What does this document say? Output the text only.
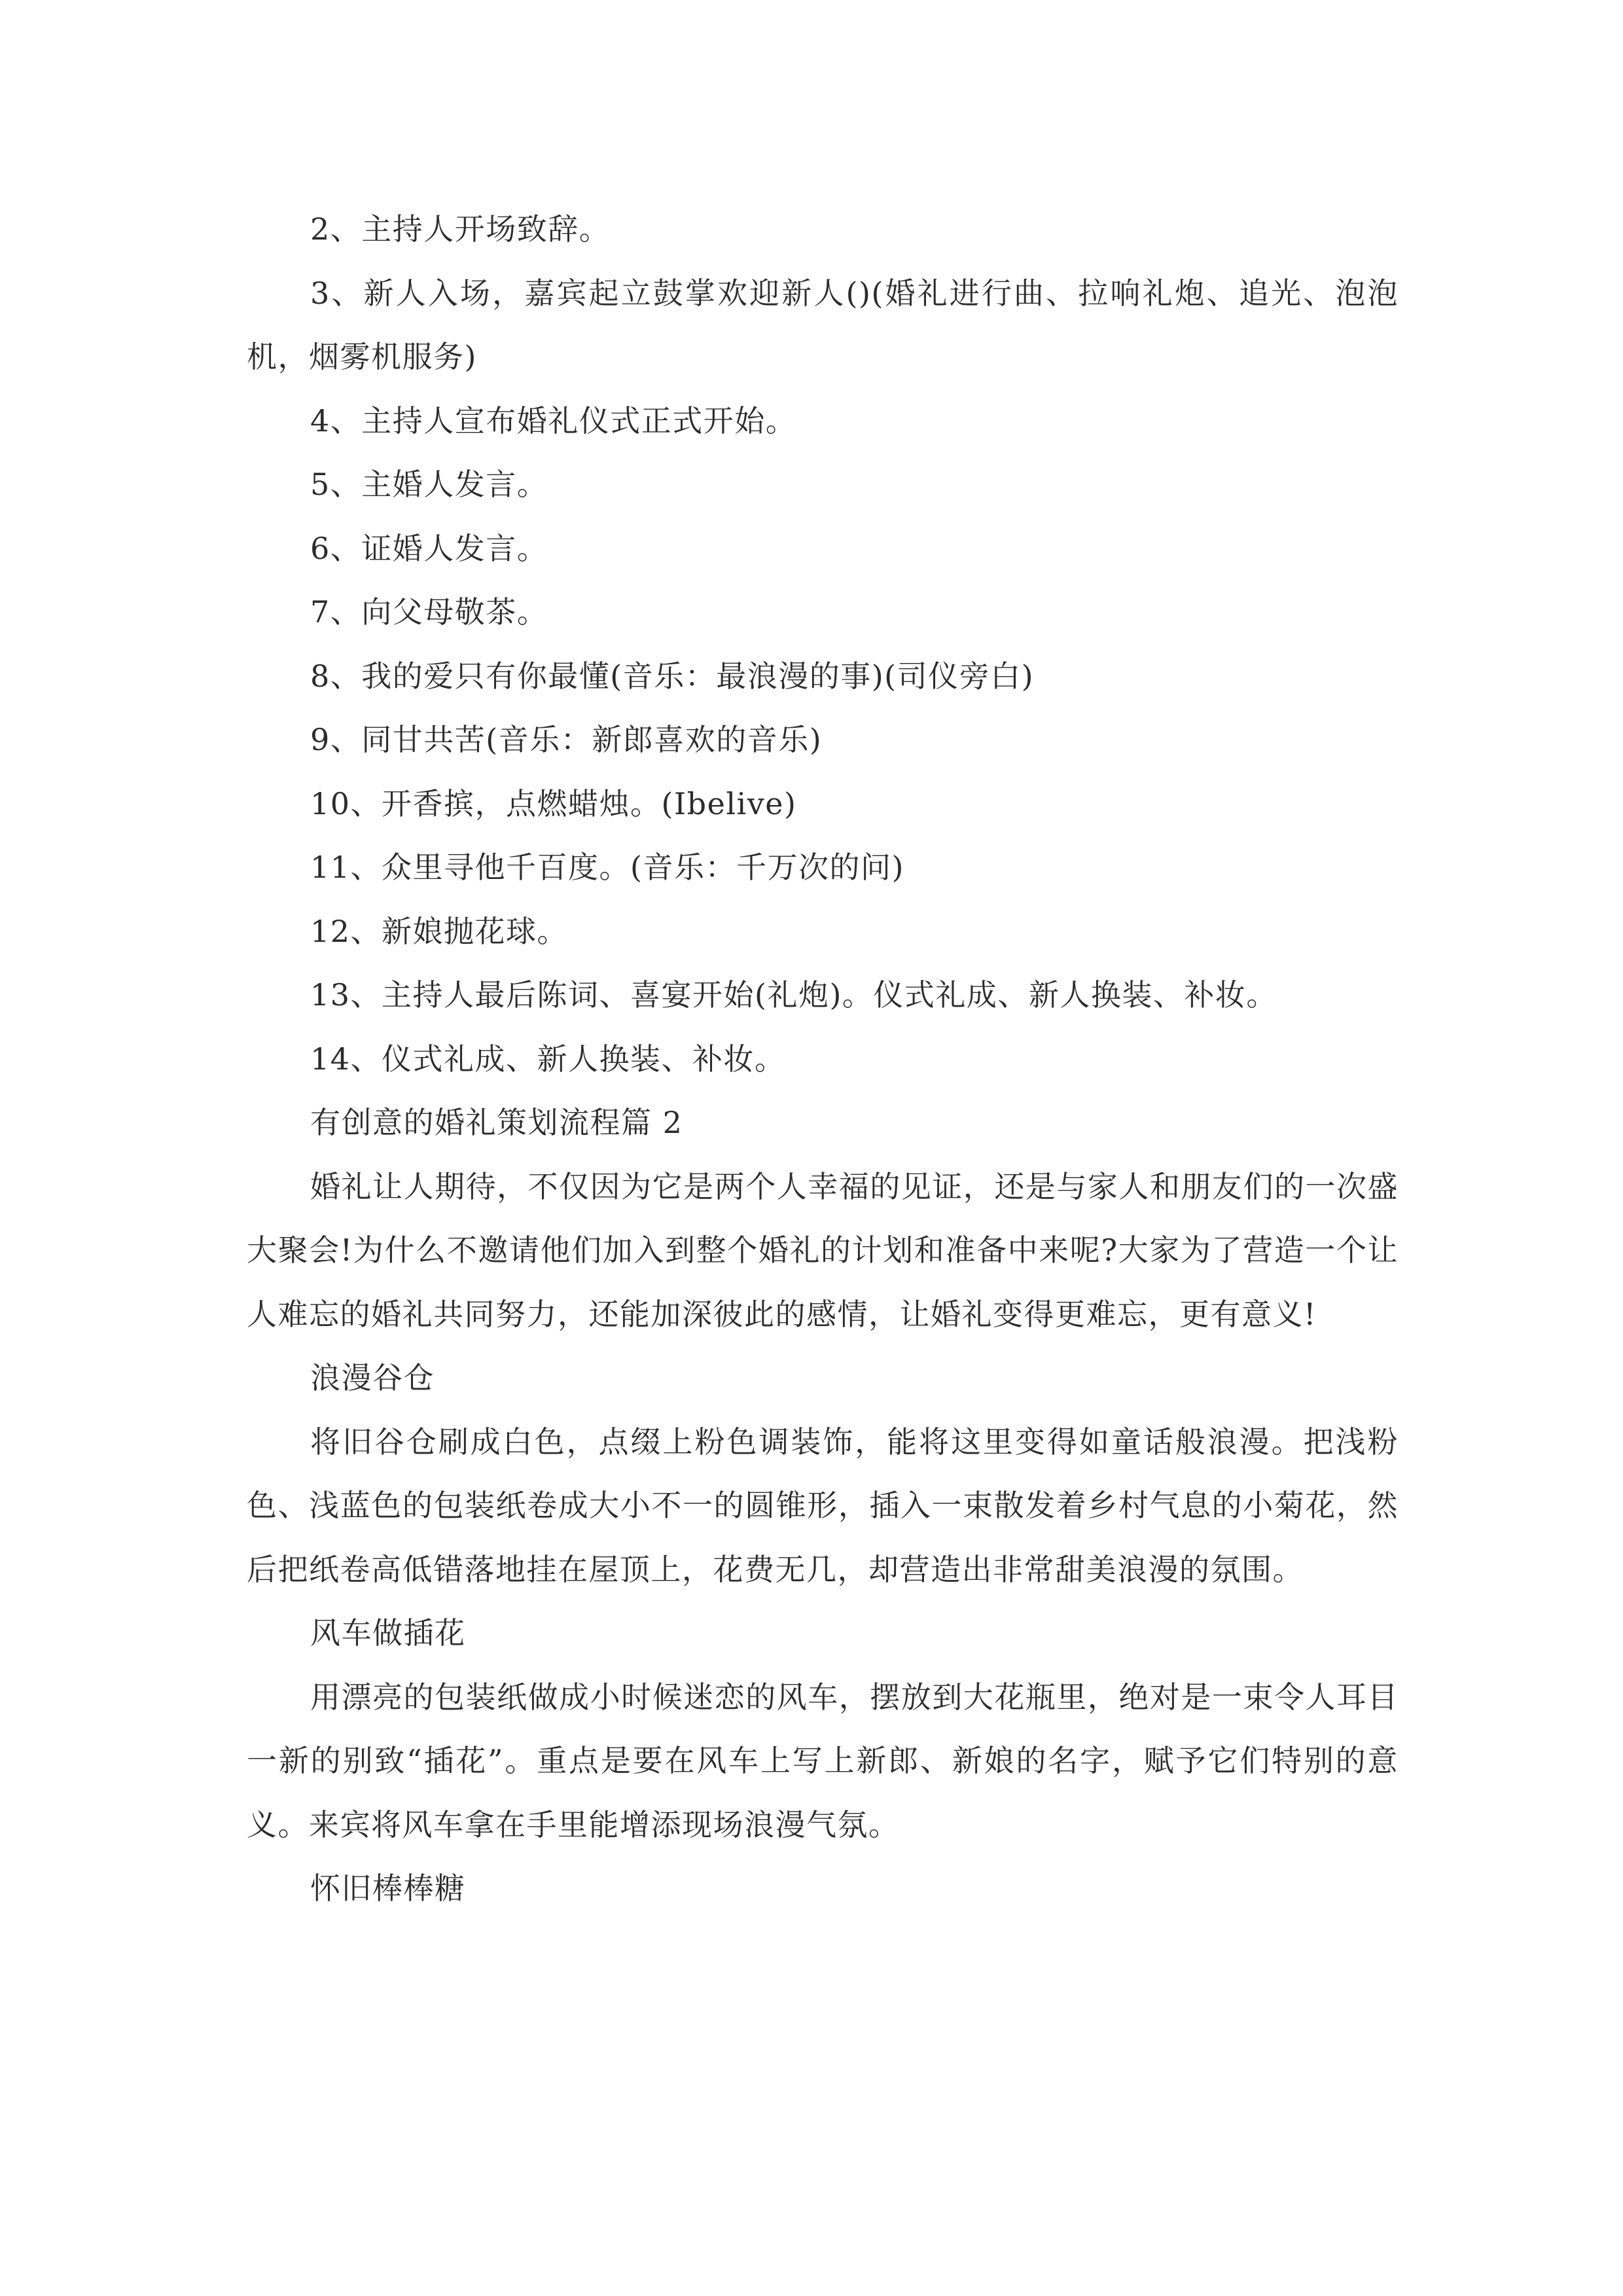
2、主持人开场致辞。

3、新人入场，嘉宾起立鼓掌欢迎新人()(婚礼进行曲、拉响礼炮、追光、泡泡机，烟雾机服务)

4、主持人宣布婚礼仪式正式开始。

5、主婚人发言。

6、证婚人发言。

7、向父母敬茶。

8、我的爱只有你最懂(音乐：最浪漫的事)(司仪旁白)

9、同甘共苦(音乐：新郎喜欢的音乐)

10、开香摈，点燃蜡烛。(Ibelive)

11、众里寻他千百度。(音乐：千万次的问)

12、新娘抛花球。

13、主持人最后陈词、喜宴开始(礼炮)。仪式礼成、新人换装、补妆。

14、仪式礼成、新人换装、补妆。

有创意的婚礼策划流程篇 2

婚礼让人期待，不仅因为它是两个人幸福的见证，还是与家人和朋友们的一次盛大聚会!为什么不邀请他们加入到整个婚礼的计划和准备中来呢?大家为了营造一个让人难忘的婚礼共同努力，还能加深彼此的感情，让婚礼变得更难忘，更有意义!

浪漫谷仓

将旧谷仓刷成白色，点缀上粉色调装饰，能将这里变得如童话般浪漫。把浅粉色、浅蓝色的包装纸卷成大小不一的圆锥形，插入一束散发着乡村气息的小菊花，然后把纸卷高低错落地挂在屋顶上，花费无几，却营造出非常甜美浪漫的氛围。

风车做插花

用漂亮的包装纸做成小时候迷恋的风车，摆放到大花瓶里，绝对是一束令人耳目一新的别致“插花”。重点是要在风车上写上新郎、新娘的名字，赋予它们特别的意义。来宾将风车拿在手里能增添现场浪漫气氛。

怀旧棒棒糖
